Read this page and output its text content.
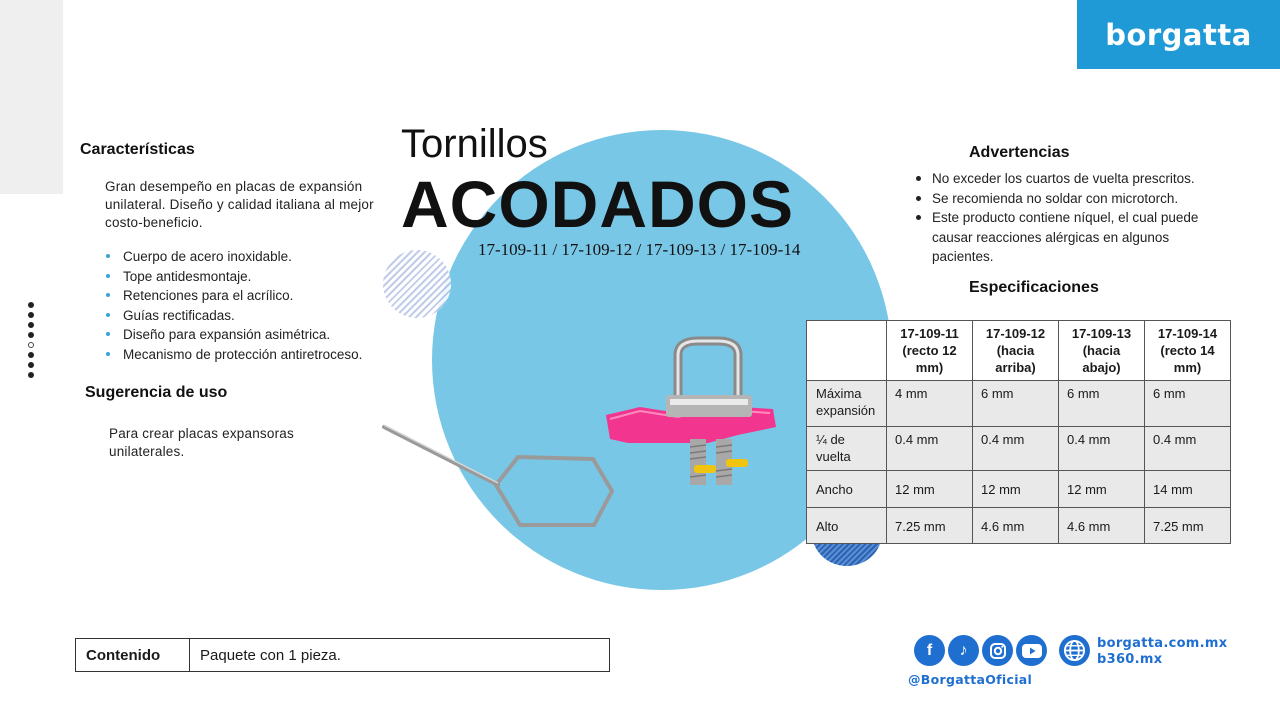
borgatta
Tornillos
ACODADOS
17-109-11 / 17-109-12 / 17-109-13 / 17-109-14
Características
Gran desempeño en placas de expansión unilateral. Diseño y calidad italiana al mejor costo-beneficio.
Cuerpo de acero inoxidable.
Tope antidesmontaje.
Retenciones para el acrílico.
Guías rectificadas.
Diseño para expansión asimétrica.
Mecanismo de protección antiretroceso.
Sugerencia de uso
Para crear placas expansoras unilaterales.
Advertencias
No exceder los cuartos de vuelta prescritos.
Se recomienda no soldar con microtorch.
Este producto contiene níquel, el cual puede causar reacciones alérgicas en algunos pacientes.
Especificaciones
	17-109-11 (recto 12 mm)	17-109-12 (hacia arriba)	17-109-13 (hacia abajo)	17-109-14 (recto 14 mm)
Máxima expansión	4 mm	6 mm	6 mm	6 mm
¼ de vuelta	0.4 mm	0.4 mm	0.4 mm	0.4 mm
Ancho	12 mm	12 mm	12 mm	14 mm
Alto	7.25 mm	4.6 mm	4.6 mm	7.25 mm
Contenido	Paquete con 1 pieza.	f	♪	borgatta.com.mx
b360.mx
@BorgattaOficial
